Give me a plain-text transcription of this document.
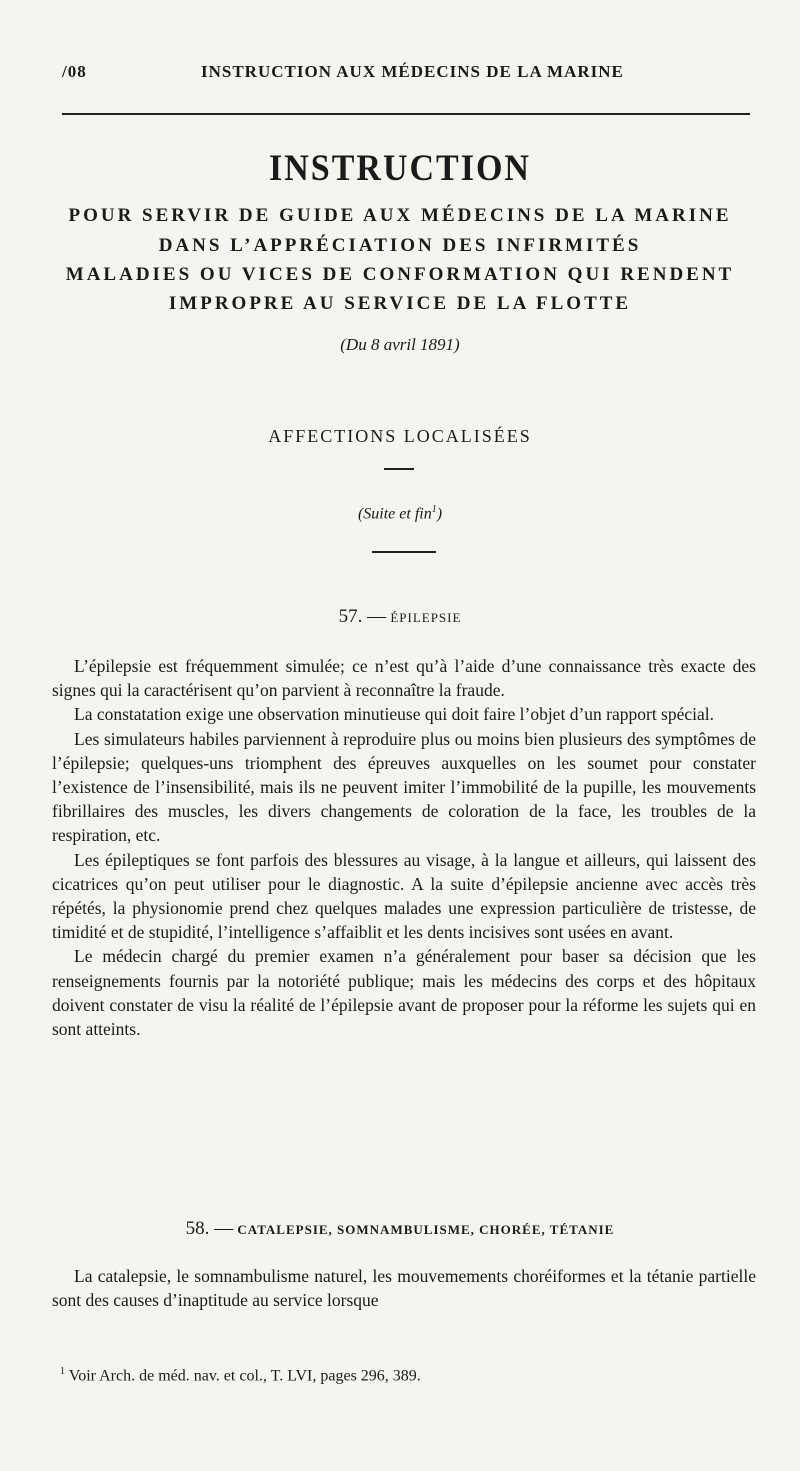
/08	INSTRUCTION AUX MÉDECINS DE LA MARINE
INSTRUCTION
POUR SERVIR DE GUIDE AUX MÉDECINS DE LA MARINE
DANS L’APPRÉCIATION DES INFIRMITÉS
MALADIES OU VICES DE CONFORMATION QUI RENDENT
IMPROPRE AU SERVICE DE LA FLOTTE
(Du 8 avril 1891)
AFFECTIONS LOCALISÉES
(Suite et fin$^1$)
57. — ÉPILEPSIE

L’épilepsie est fréquemment simulée; ce n’est qu’à l’aide d’une connaissance très exacte des signes qui la caractérisent qu’on parvient à reconnaître la fraude.

La constatation exige une observation minutieuse qui doit faire l’objet d’un rapport spécial.

Les simulateurs habiles parviennent à reproduire plus ou moins bien plusieurs des symptômes de l’épilepsie; quelques-uns triomphent des épreuves auxquelles on les soumet pour constater l’existence de l’insensibilité, mais ils ne peuvent imiter l’immobilité de la pupille, les mouvements fibrillaires des muscles, les divers changements de coloration de la face, les troubles de la respiration, etc.

Les épileptiques se font parfois des blessures au visage, à la langue et ailleurs, qui laissent des cicatrices qu’on peut utiliser pour le diagnostic. A la suite d’épilepsie ancienne avec accès très répétés, la physionomie prend chez quelques malades une expression particulière de tristesse, de timidité et de stupidité, l’intelligence s’affaiblit et les dents incisives sont usées en avant.

Le médecin chargé du premier examen n’a généralement pour baser sa décision que les renseignements fournis par la notoriété publique; mais les médecins des corps et des hôpitaux doivent constater de visu la réalité de l’épilepsie avant de proposer pour la réforme les sujets qui en sont atteints.

58. — CATALEPSIE, SOMNAMBULISME, CHORÉE, TÉTANIE

La catalepsie, le somnambulisme naturel, les mouvemements choréiformes et la tétanie partielle sont des causes d’inaptitude au service lorsque

$^1$ Voir Arch. de méd. nav. et col., T. LVI, pages 296, 389.
